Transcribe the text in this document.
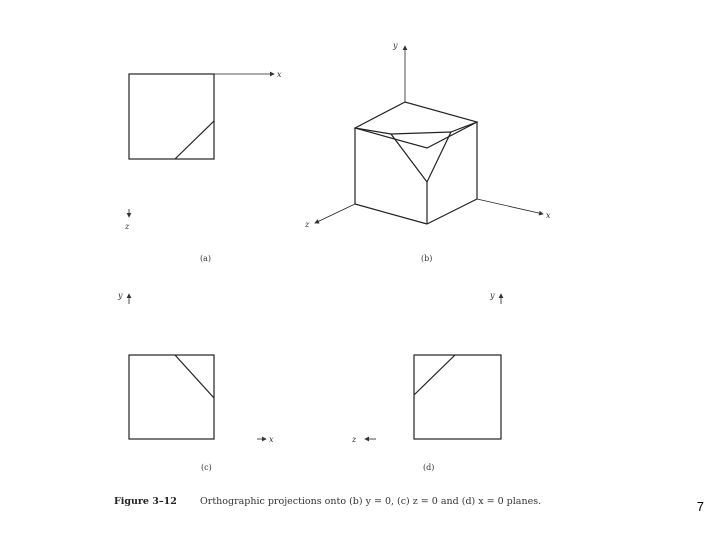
x
z
(a)
y
x
z
(b)
y
x
(c)
y
z
(d)
Figure 3–12 Orthographic projections onto (b) y = 0, (c) z = 0 and (d) x = 0 planes.	7
